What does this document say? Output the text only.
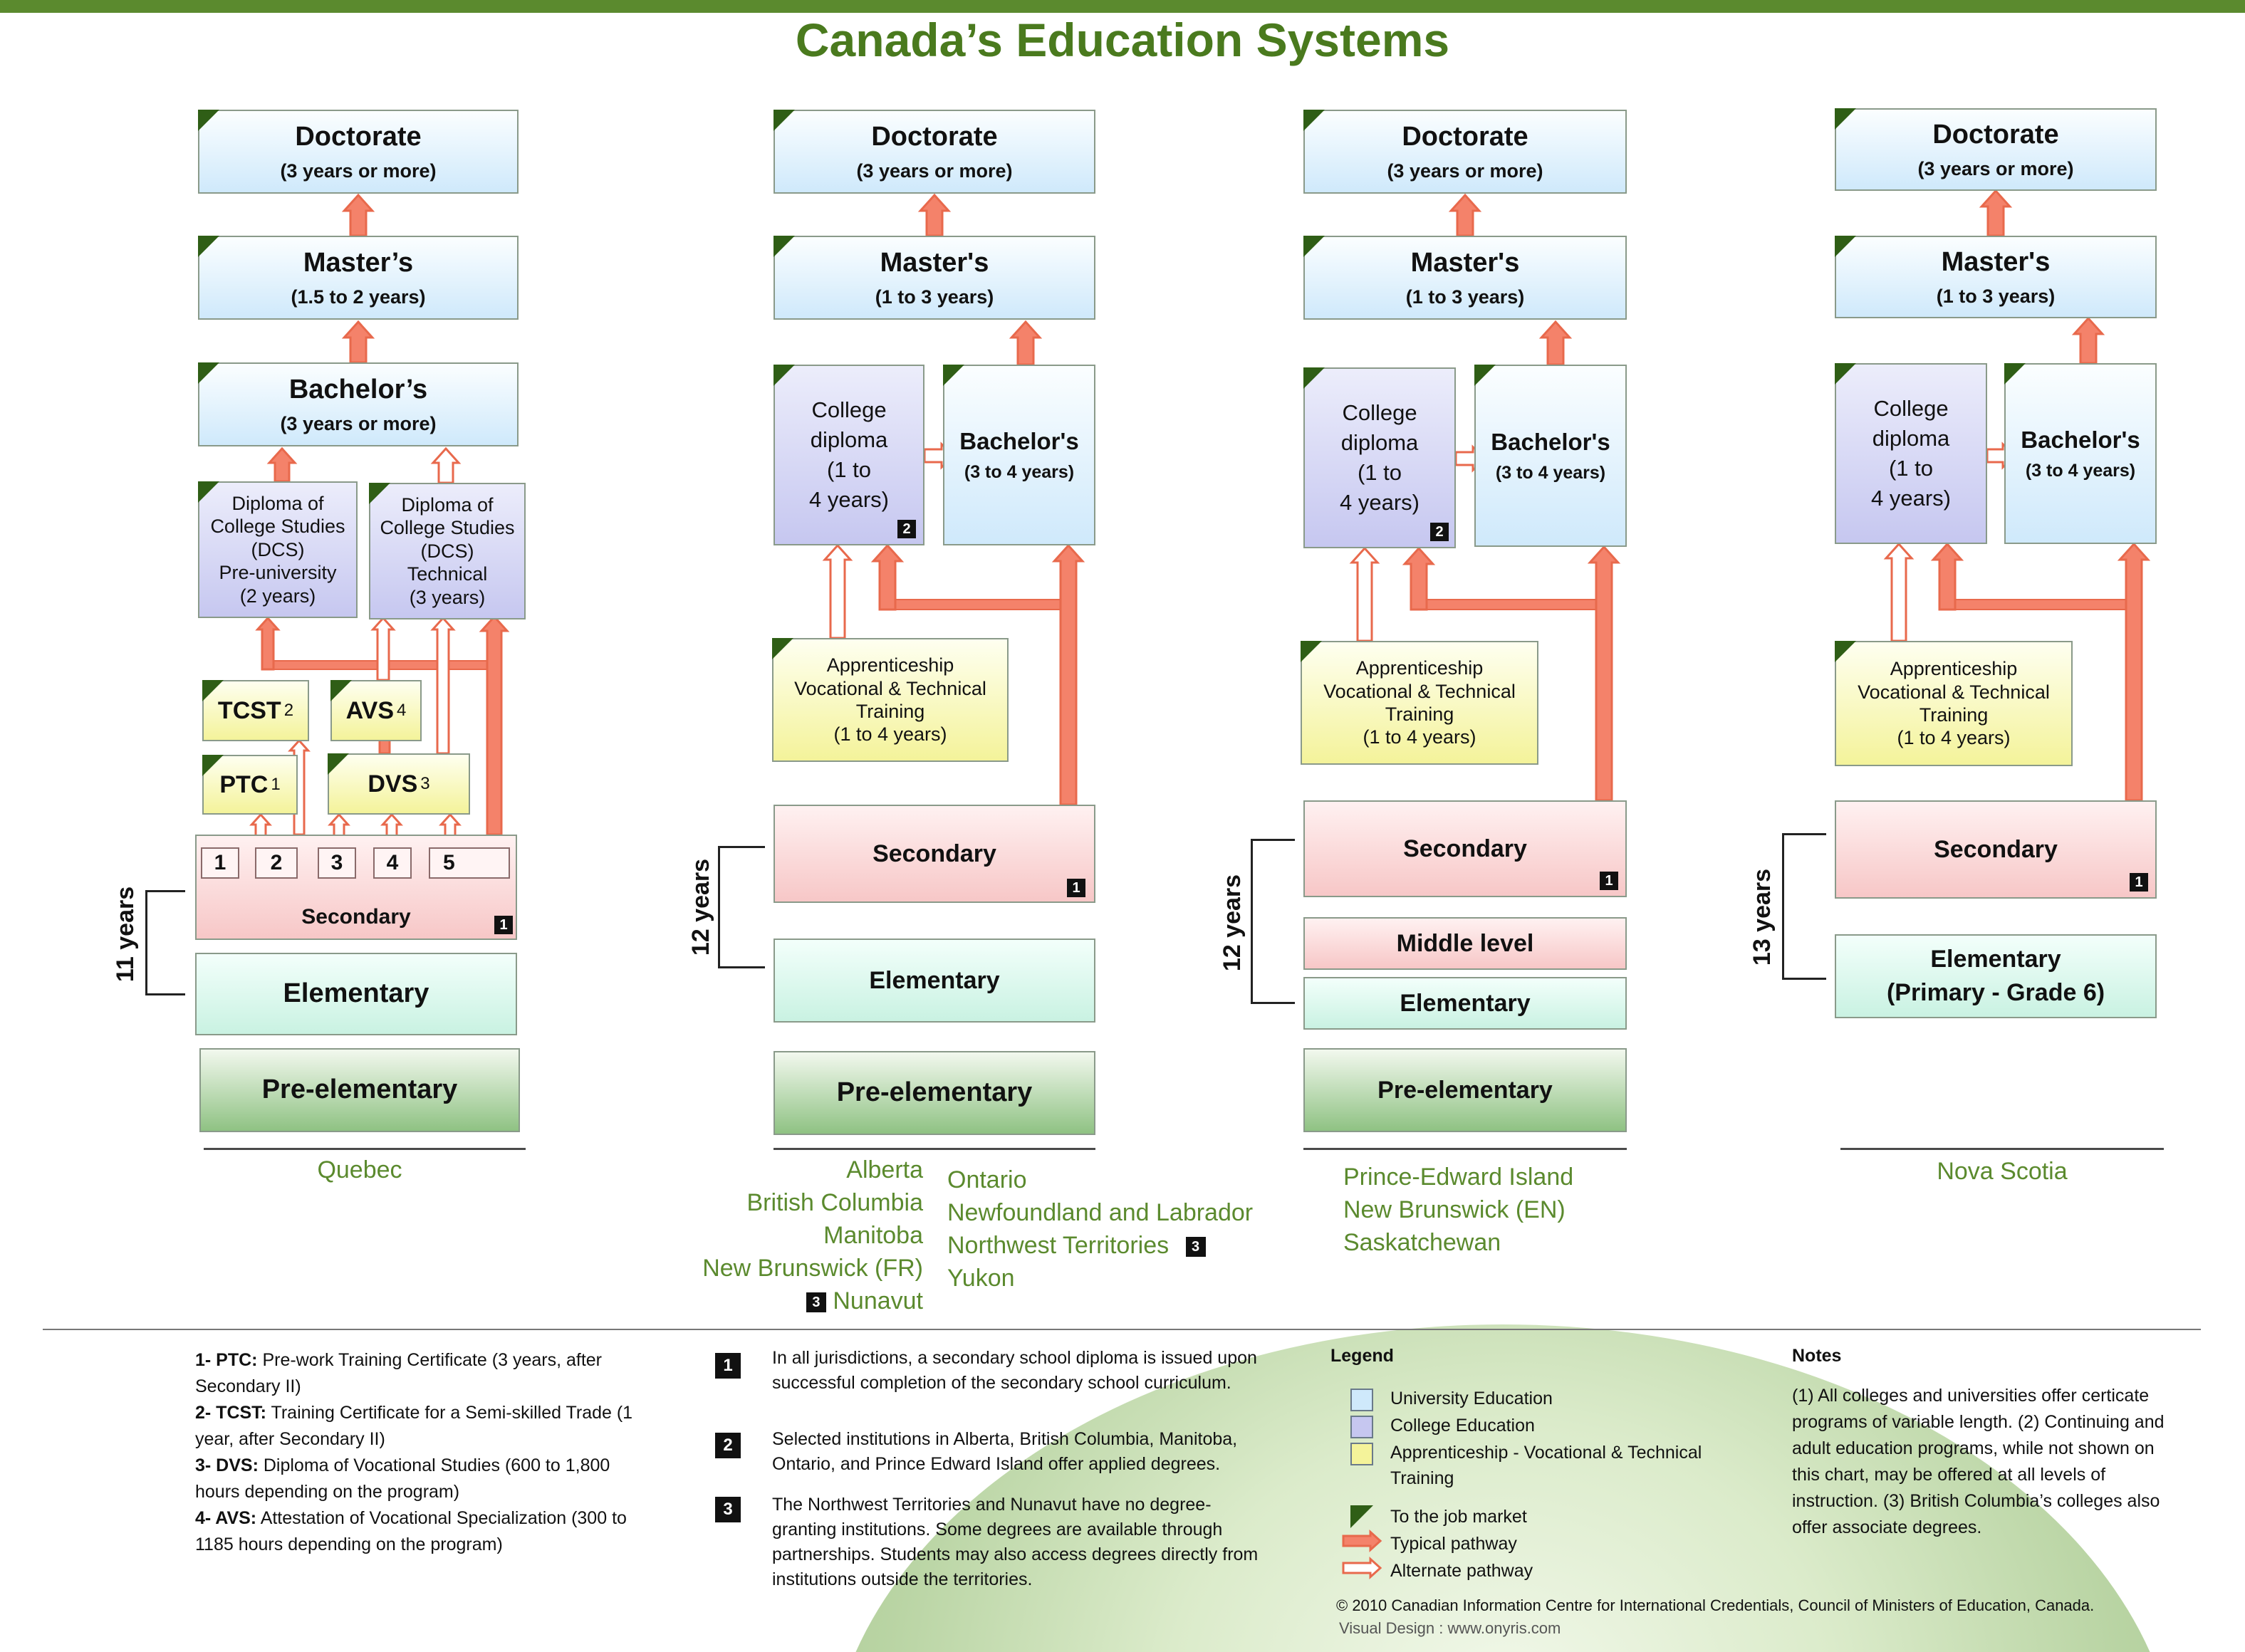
Canada’s Education Systems
Doctorate
(3 years or more)
Master’s
(1.5 to 2 years)
Bachelor’s
(3 years or more)
Diploma of
College Studies
(DCS)
Pre-university
(2 years)
Diploma of
College Studies
(DCS)
Technical
(3 years)
TCST 2 AVS 4
PTC 1	DVS 3
Secondary
1	2	3	4	5
1
Elementary
Pre-elementary
11 years
Quebec
Doctorate
(3 years or more)
Master's
(1 to 3 years)
College
diploma
(1 to
4 years)
2
Bachelor's
(3 to 4 years)
Apprenticeship
Vocational & Technical
Training
(1 to 4 years)
Secondary
1
Elementary
Pre-elementary
12 years
Alberta
British Columbia
Manitoba
New Brunswick (FR)
3 Nunavut
Ontario
Newfoundland and Labrador
Northwest Territories 3
Yukon
Doctorate
(3 years or more)
Master's
(1 to 3 years)
College
diploma
(1 to
4 years)
2
Bachelor's
(3 to 4 years)
Apprenticeship
Vocational & Technical
Training
(1 to 4 years)
Secondary
1
Middle level
Elementary
Pre-elementary
12 years
Prince-Edward Island
New Brunswick (EN)
Saskatchewan
Doctorate
(3 years or more)
Master's
(1 to 3 years)
College
diploma
(1 to
4 years)
Bachelor's
(3 to 4 years)
Apprenticeship
Vocational & Technical
Training
(1 to 4 years)
Secondary
1
Elementary
(Primary - Grade 6)
13 years
Nova Scotia
1- PTC: Pre-work Training Certificate (3 years, after
Secondary II)
2- TCST: Training Certificate for a Semi-skilled Trade (1
year, after Secondary II)
3- DVS: Diploma of Vocational Studies (600 to 1,800
hours depending on the program)
4- AVS: Attestation of Vocational Specialization (300 to
1185 hours depending on the program)
1	In all jurisdictions, a secondary school diploma is issued upon
successful completion of the secondary school curriculum.
2	Selected institutions in Alberta, British Columbia, Manitoba,
Ontario, and Prince Edward Island offer applied degrees.
3	The Northwest Territories and Nunavut have no degree-
granting institutions. Some degrees are available through
partnerships. Students may also access degrees directly from
institutions outside the territories.
Legend
University Education
College Education
Apprenticeship - Vocational & Technical
Training
To the job market
Typical pathway
Alternate pathway
Notes
(1) All colleges and universities offer certicate
programs of variable length. (2) Continuing and
adult education programs, while not shown on
this chart, may be offered at all levels of
instruction. (3) British Columbia’s colleges also
offer associate degrees.
© 2010 Canadian Information Centre for International Credentials, Council of Ministers of Education, Canada.
Visual Design : www.onyris.com
